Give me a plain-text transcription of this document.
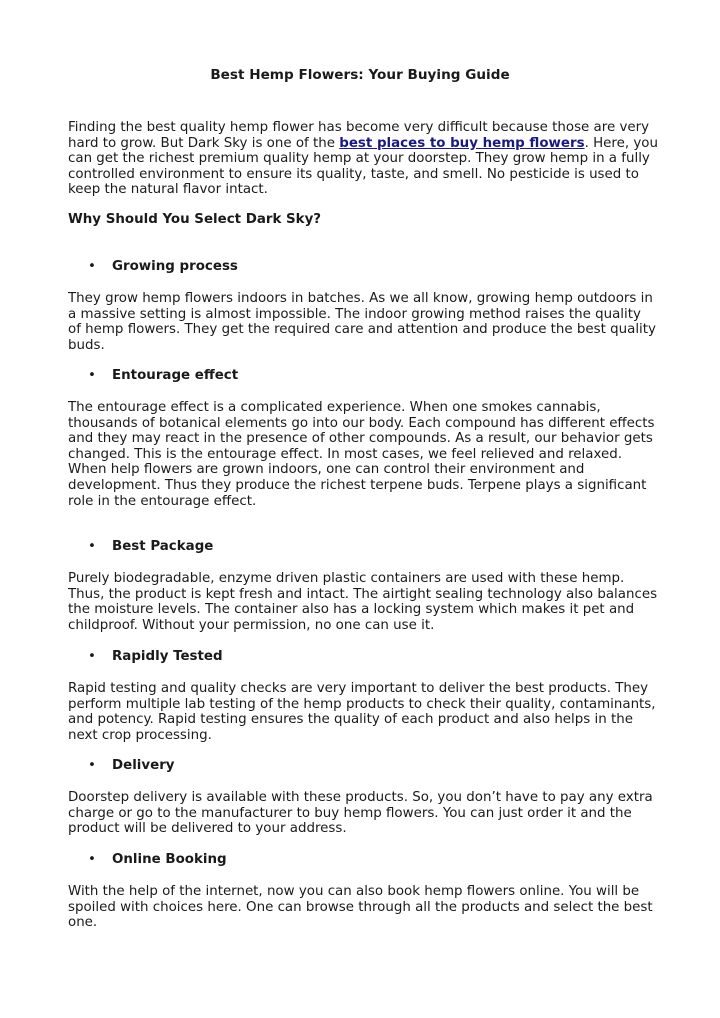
Best Hemp Flowers: Your Buying Guide

Finding the best quality hemp flower has become very difficult because those are very hard to grow. But Dark Sky is one of the best places to buy hemp flowers. Here, you can get the richest premium quality hemp at your doorstep. They grow hemp in a fully controlled environment to ensure its quality, taste, and smell. No pesticide is used to keep the natural flavor intact.

Why Should You Select Dark Sky?

• Growing process

They grow hemp flowers indoors in batches. As we all know, growing hemp outdoors in a massive setting is almost impossible. The indoor growing method raises the quality of hemp flowers. They get the required care and attention and produce the best quality buds.

• Entourage effect

The entourage effect is a complicated experience. When one smokes cannabis, thousands of botanical elements go into our body. Each compound has different effects and they may react in the presence of other compounds. As a result, our behavior gets changed. This is the entourage effect. In most cases, we feel relieved and relaxed. When help flowers are grown indoors, one can control their environment and development. Thus they produce the richest terpene buds. Terpene plays a significant role in the entourage effect.

• Best Package

Purely biodegradable, enzyme driven plastic containers are used with these hemp. Thus, the product is kept fresh and intact. The airtight sealing technology also balances the moisture levels. The container also has a locking system which makes it pet and childproof. Without your permission, no one can use it.

• Rapidly Tested

Rapid testing and quality checks are very important to deliver the best products. They perform multiple lab testing of the hemp products to check their quality, contaminants, and potency. Rapid testing ensures the quality of each product and also helps in the next crop processing.

• Delivery

Doorstep delivery is available with these products. So, you don’t have to pay any extra charge or go to the manufacturer to buy hemp flowers. You can just order it and the product will be delivered to your address.

• Online Booking

With the help of the internet, now you can also book hemp flowers online. You will be spoiled with choices here. One can browse through all the products and select the best one.
